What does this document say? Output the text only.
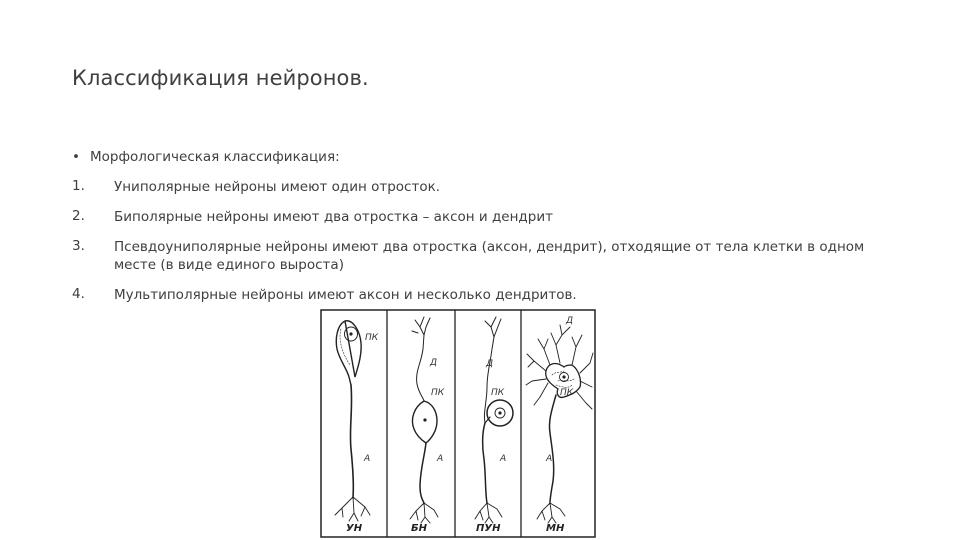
Классификация нейронов.
• Морфологическая классификация:
1. Униполярные нейроны имеют один отросток.
2. Биполярные нейроны имеют два отростка – аксон и дендрит
3. Псевдоуниполярные нейроны имеют два отростка (аксон, дендрит), отходящие от тела клетки в одном месте (в виде единого выроста)
4. Мультиполярные нейроны имеют аксон и несколько дендритов.
ПК
А
УН
Д
ПК
А
БН
Д
ПК
А
ПУН
Д
ПК
А
МН
